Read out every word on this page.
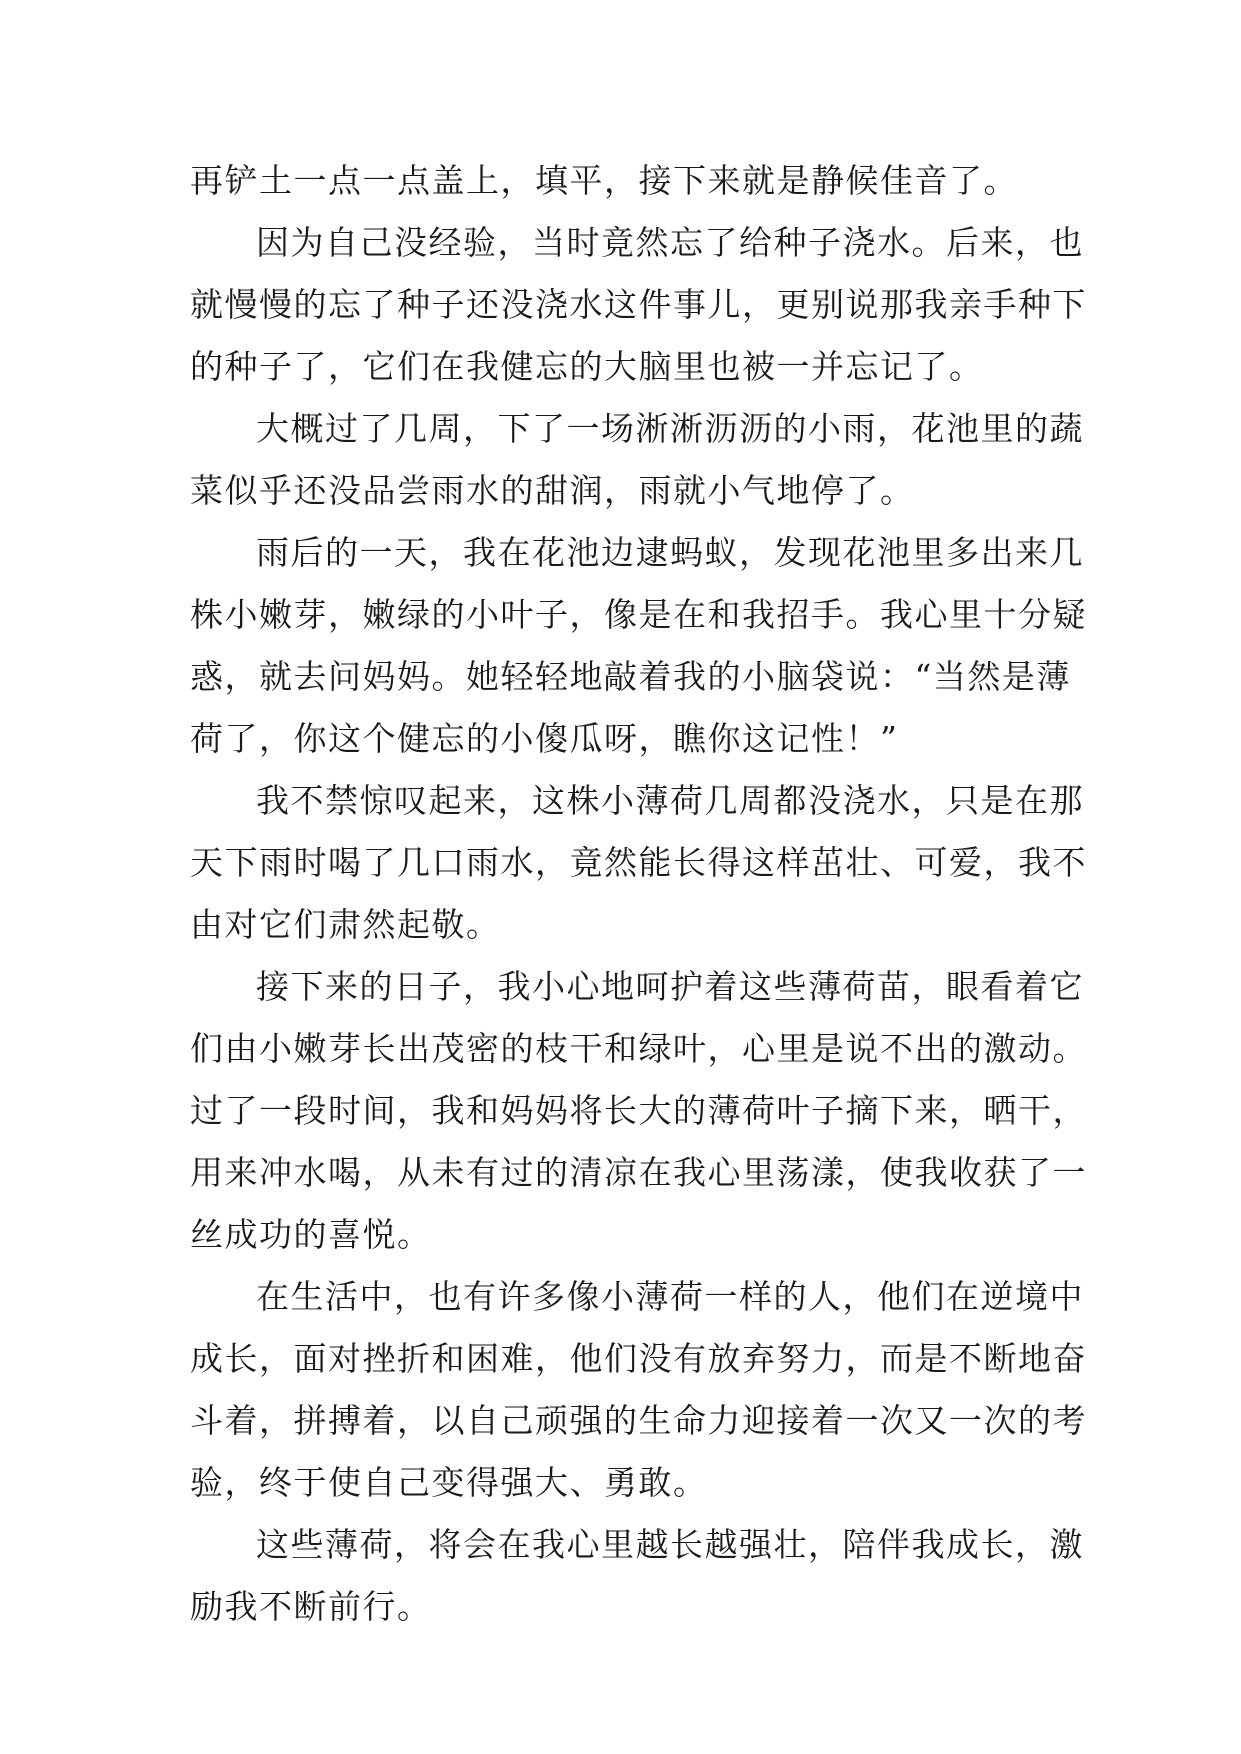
再铲土一点一点盖上，填平，接下来就是静候佳音了。
因为自己没经验，当时竟然忘了给种子浇水。后来，也
就慢慢的忘了种子还没浇水这件事儿，更别说那我亲手种下
的种子了，它们在我健忘的大脑里也被一并忘记了。
大概过了几周，下了一场淅淅沥沥的小雨，花池里的蔬
菜似乎还没品尝雨水的甜润，雨就小气地停了。
雨后的一天，我在花池边逮蚂蚁，发现花池里多出来几
株小嫩芽，嫩绿的小叶子，像是在和我招手。我心里十分疑
惑，就去问妈妈。她轻轻地敲着我的小脑袋说：“当然是薄
荷了，你这个健忘的小傻瓜呀，瞧你这记性！”
我不禁惊叹起来，这株小薄荷几周都没浇水，只是在那
天下雨时喝了几口雨水，竟然能长得这样茁壮、可爱，我不
由对它们肃然起敬。
接下来的日子，我小心地呵护着这些薄荷苗，眼看着它
们由小嫩芽长出茂密的枝干和绿叶，心里是说不出的激动。
过了一段时间，我和妈妈将长大的薄荷叶子摘下来，晒干，
用来冲水喝，从未有过的清凉在我心里荡漾，使我收获了一
丝成功的喜悦。
在生活中，也有许多像小薄荷一样的人，他们在逆境中
成长，面对挫折和困难，他们没有放弃努力，而是不断地奋
斗着，拼搏着，以自己顽强的生命力迎接着一次又一次的考
验，终于使自己变得强大、勇敢。
这些薄荷，将会在我心里越长越强壮，陪伴我成长，激
励我不断前行。
